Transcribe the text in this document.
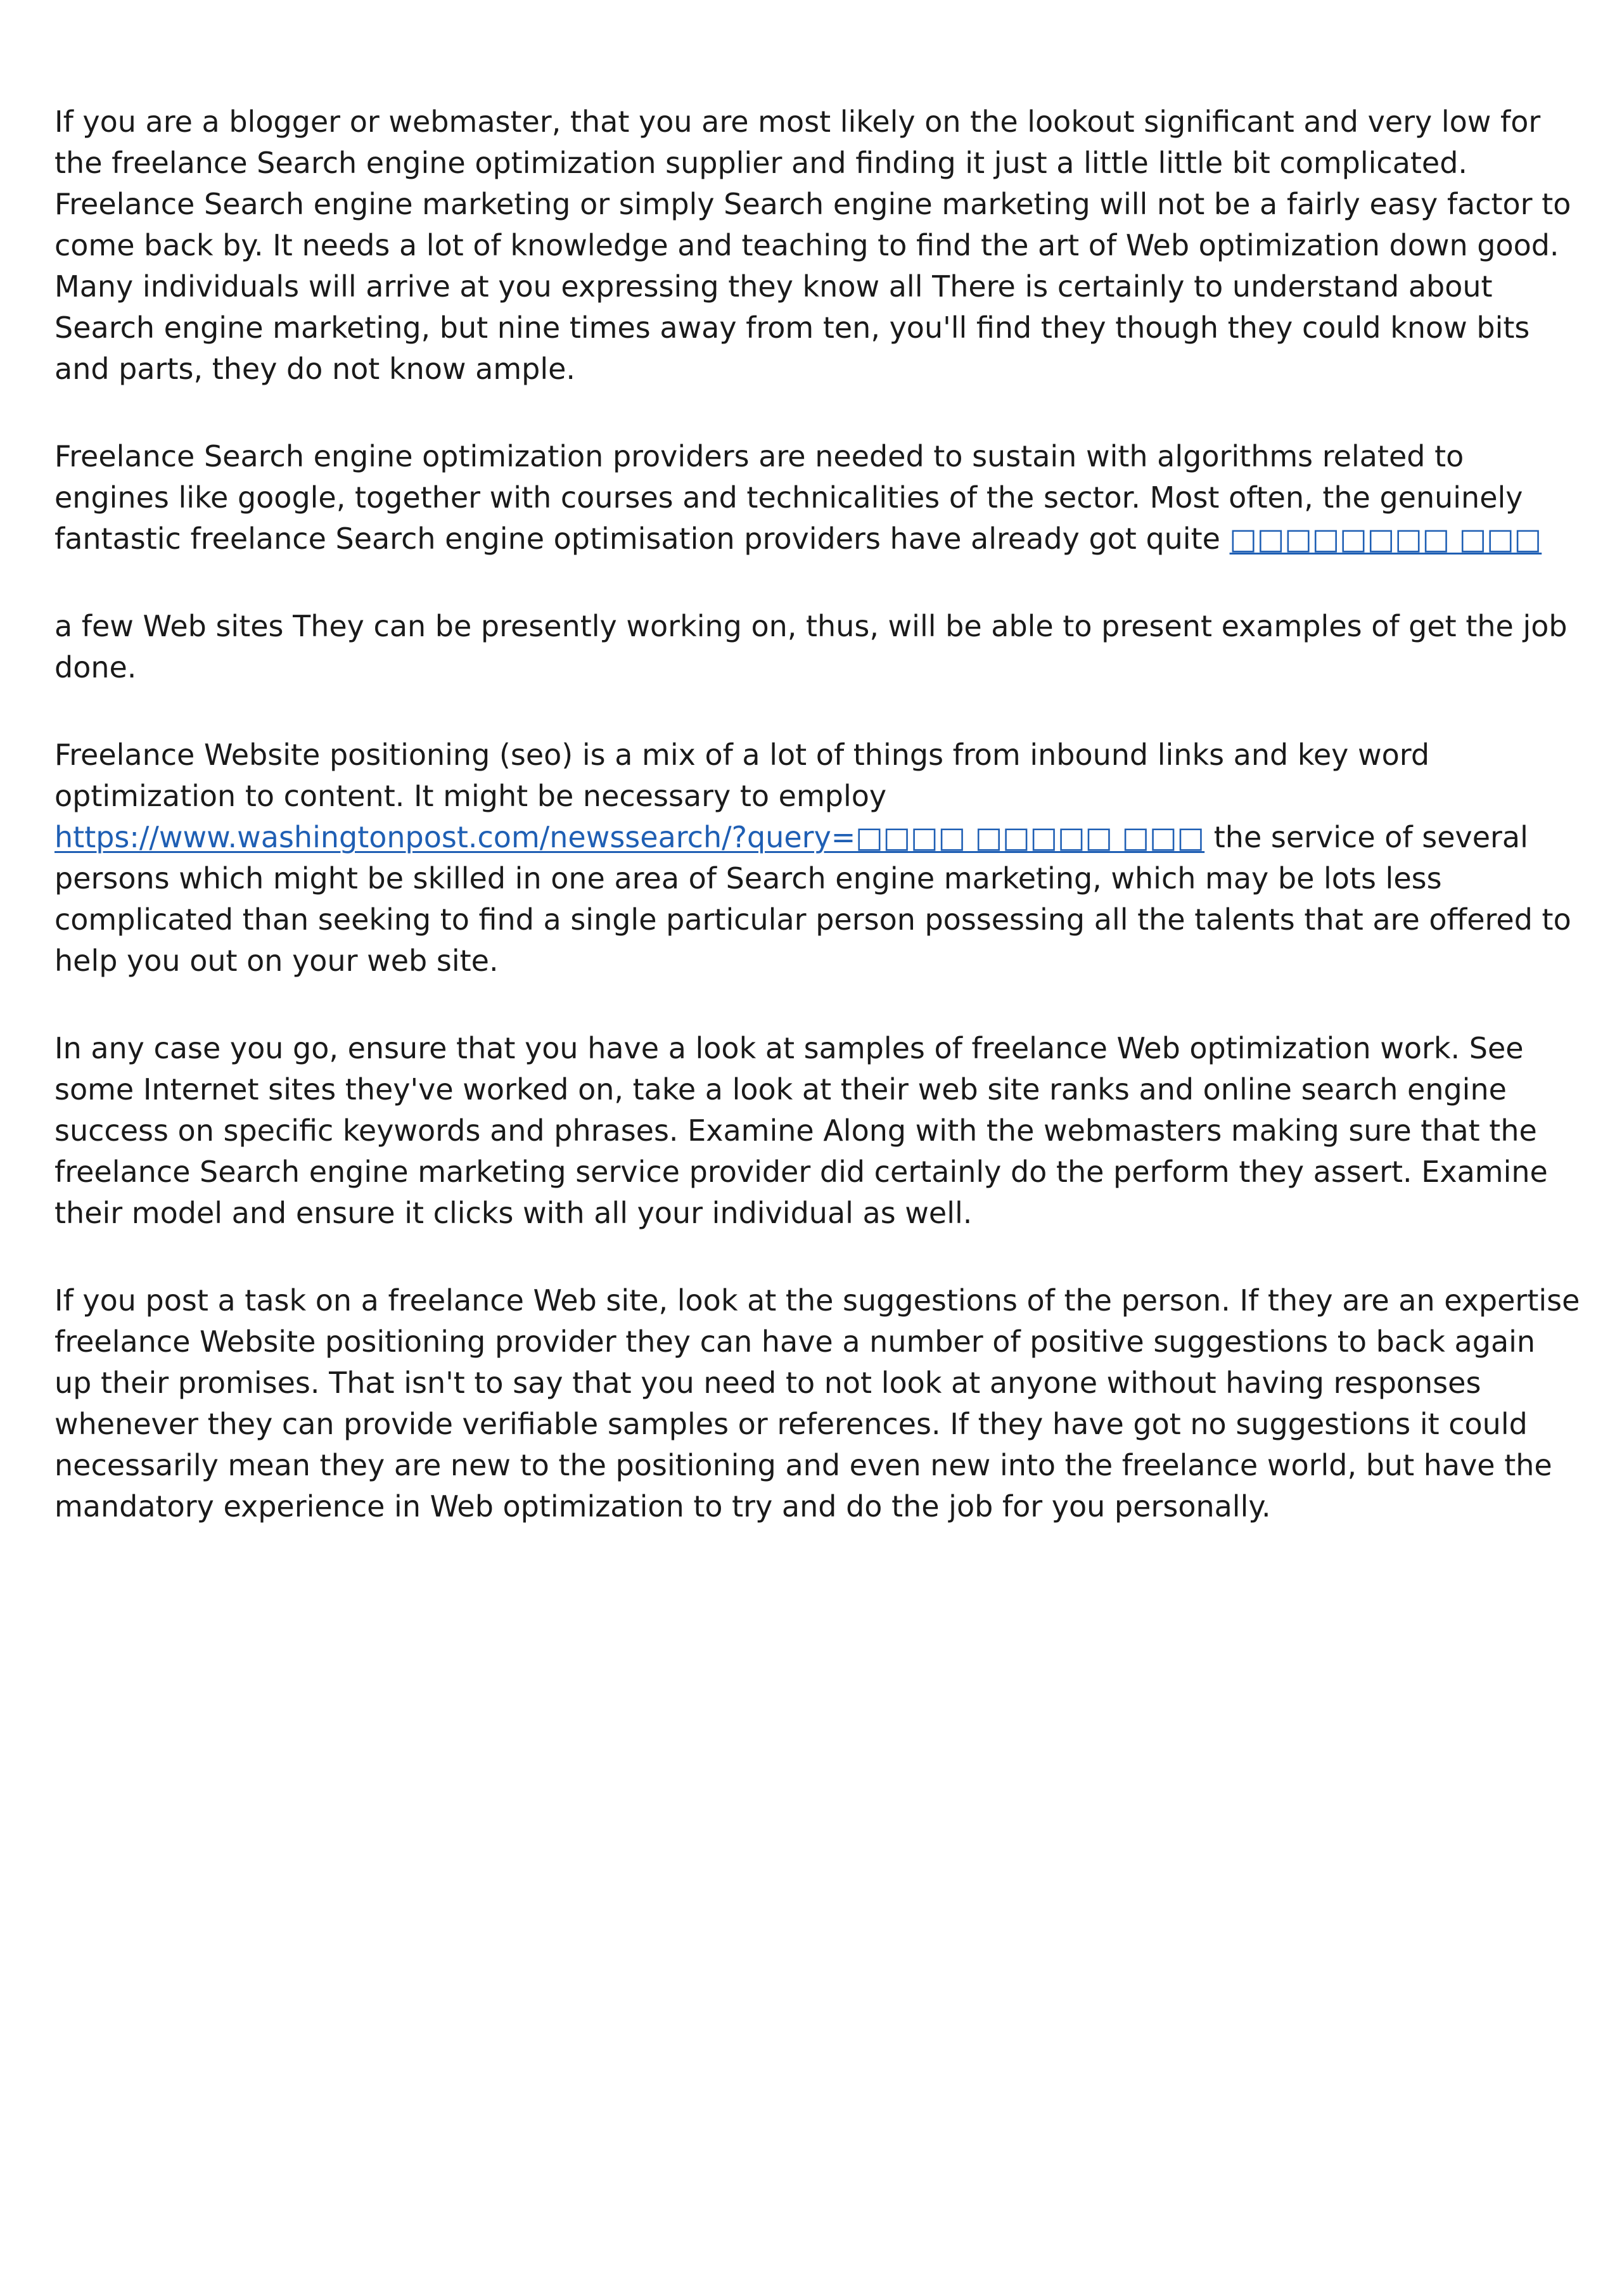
If you are a blogger or webmaster, that you are most likely on the lookout significant and very low for the freelance Search engine optimization supplier and finding it just a little little bit complicated. Freelance Search engine marketing or simply Search engine marketing will not be a fairly easy factor to come back by. It needs a lot of knowledge and teaching to find the art of Web optimization down good. Many individuals will arrive at you expressing they know all There is certainly to understand about Search engine marketing, but nine times away from ten, you'll find they though they could know bits and parts, they do not know ample.

Freelance Search engine optimization providers are needed to sustain with algorithms related to engines like google, together with courses and technicalities of the sector. Most often, the genuinely fantastic freelance Search engine optimisation providers have already got quite □□□□□□□□ □□□

a few Web sites They can be presently working on, thus, will be able to present examples of get the job done.

Freelance Website positioning (seo) is a mix of a lot of things from inbound links and key word optimization to content. It might be necessary to employ https://www.washingtonpost.com/newssearch/?query=□□□□ □□□□□ □□□ the service of several persons which might be skilled in one area of Search engine marketing, which may be lots less complicated than seeking to find a single particular person possessing all the talents that are offered to help you out on your web site.

In any case you go, ensure that you have a look at samples of freelance Web optimization work. See some Internet sites they've worked on, take a look at their web site ranks and online search engine success on specific keywords and phrases. Examine Along with the webmasters making sure that the freelance Search engine marketing service provider did certainly do the perform they assert. Examine their model and ensure it clicks with all your individual as well.

If you post a task on a freelance Web site, look at the suggestions of the person. If they are an expertise freelance Website positioning provider they can have a number of positive suggestions to back again up their promises. That isn't to say that you need to not look at anyone without having responses whenever they can provide verifiable samples or references. If they have got no suggestions it could necessarily mean they are new to the positioning and even new into the freelance world, but have the mandatory experience in Web optimization to try and do the job for you personally.
